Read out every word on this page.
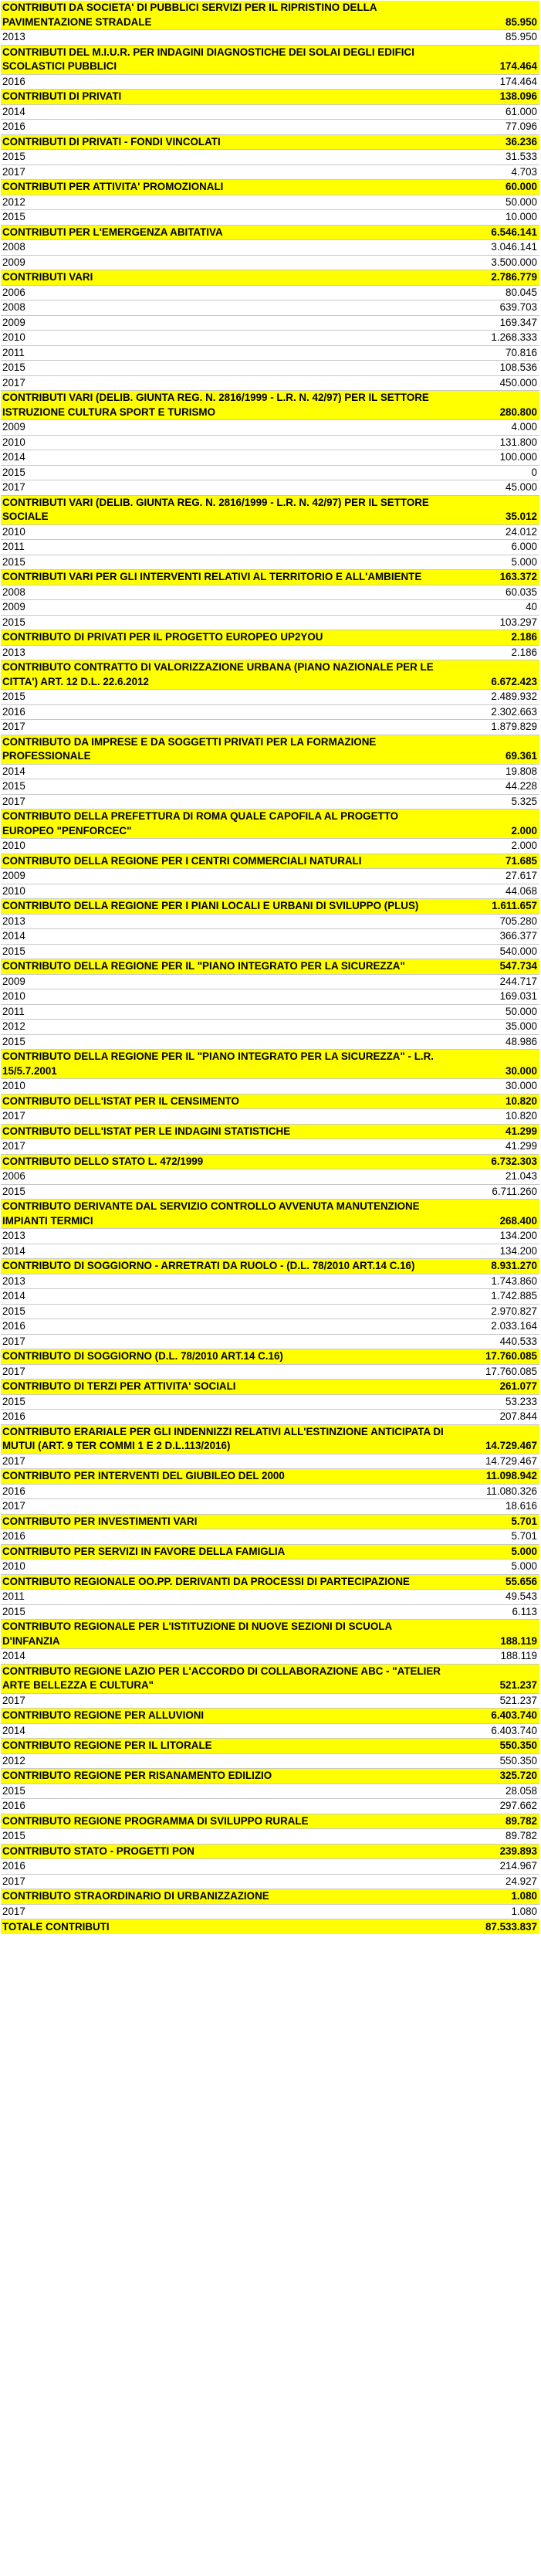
CONTRIBUTI DA SOCIETA' DI PUBBLICI SERVIZI PER IL RIPRISTINO DELLA PAVIMENTAZIONE STRADALE	85.950
2013	85.950
CONTRIBUTI DEL M.I.U.R. PER INDAGINI DIAGNOSTICHE DEI SOLAI DEGLI EDIFICI SCOLASTICI PUBBLICI	174.464
2016	174.464
CONTRIBUTI DI PRIVATI	138.096
2014	61.000
2016	77.096
CONTRIBUTI DI PRIVATI - FONDI VINCOLATI	36.236
2015	31.533
2017	4.703
CONTRIBUTI PER ATTIVITA' PROMOZIONALI	60.000
2012	50.000
2015	10.000
CONTRIBUTI PER L'EMERGENZA ABITATIVA	6.546.141
2008	3.046.141
2009	3.500.000
CONTRIBUTI VARI	2.786.779
2006	80.045
2008	639.703
2009	169.347
2010	1.268.333
2011	70.816
2015	108.536
2017	450.000
CONTRIBUTI VARI (DELIB. GIUNTA REG. N. 2816/1999 - L.R. N. 42/97) PER IL SETTORE ISTRUZIONE CULTURA SPORT E TURISMO	280.800
2009	4.000
2010	131.800
2014	100.000
2015	0
2017	45.000
CONTRIBUTI VARI (DELIB. GIUNTA REG. N. 2816/1999 - L.R. N. 42/97) PER IL SETTORE SOCIALE	35.012
2010	24.012
2011	6.000
2015	5.000
CONTRIBUTI VARI PER GLI INTERVENTI RELATIVI AL TERRITORIO E ALL'AMBIENTE	163.372
2008	60.035
2009	40
2015	103.297
CONTRIBUTO DI PRIVATI PER IL PROGETTO EUROPEO UP2YOU	2.186
2013	2.186
CONTRIBUTO CONTRATTO DI VALORIZZAZIONE URBANA (PIANO NAZIONALE PER LE CITTA') ART. 12 D.L. 22.6.2012	6.672.423
2015	2.489.932
2016	2.302.663
2017	1.879.829
CONTRIBUTO DA IMPRESE E DA SOGGETTI PRIVATI PER LA FORMAZIONE PROFESSIONALE	69.361
2014	19.808
2015	44.228
2017	5.325
CONTRIBUTO DELLA PREFETTURA DI ROMA QUALE CAPOFILA AL PROGETTO EUROPEO "PENFORCEC"	2.000
2010	2.000
CONTRIBUTO DELLA REGIONE PER I CENTRI COMMERCIALI NATURALI	71.685
2009	27.617
2010	44.068
CONTRIBUTO DELLA REGIONE PER I PIANI LOCALI E URBANI DI SVILUPPO (PLUS)	1.611.657
2013	705.280
2014	366.377
2015	540.000
CONTRIBUTO DELLA REGIONE PER IL "PIANO INTEGRATO PER LA SICUREZZA"	547.734
2009	244.717
2010	169.031
2011	50.000
2012	35.000
2015	48.986
CONTRIBUTO DELLA REGIONE PER IL "PIANO INTEGRATO PER LA SICUREZZA" - L.R. 15/5.7.2001	30.000
2010	30.000
CONTRIBUTO DELL'ISTAT PER IL CENSIMENTO	10.820
2017	10.820
CONTRIBUTO DELL'ISTAT PER LE INDAGINI STATISTICHE	41.299
2017	41.299
CONTRIBUTO DELLO STATO L. 472/1999	6.732.303
2006	21.043
2015	6.711.260
CONTRIBUTO DERIVANTE DAL SERVIZIO CONTROLLO AVVENUTA MANUTENZIONE IMPIANTI TERMICI	268.400
2013	134.200
2014	134.200
CONTRIBUTO DI SOGGIORNO - ARRETRATI DA RUOLO - (D.L. 78/2010 ART.14 C.16)	8.931.270
2013	1.743.860
2014	1.742.885
2015	2.970.827
2016	2.033.164
2017	440.533
CONTRIBUTO DI SOGGIORNO (D.L. 78/2010 ART.14 C.16)	17.760.085
2017	17.760.085
CONTRIBUTO DI TERZI PER ATTIVITA' SOCIALI	261.077
2015	53.233
2016	207.844
CONTRIBUTO ERARIALE PER GLI INDENNIZZI RELATIVI ALL'ESTINZIONE ANTICIPATA DI MUTUI (ART. 9 TER COMMI 1 E 2 D.L.113/2016)	14.729.467
2017	14.729.467
CONTRIBUTO PER INTERVENTI DEL GIUBILEO DEL 2000	11.098.942
2016	11.080.326
2017	18.616
CONTRIBUTO PER INVESTIMENTI VARI	5.701
2016	5.701
CONTRIBUTO PER SERVIZI IN FAVORE DELLA FAMIGLIA	5.000
2010	5.000
CONTRIBUTO REGIONALE OO.PP. DERIVANTI DA PROCESSI DI PARTECIPAZIONE	55.656
2011	49.543
2015	6.113
CONTRIBUTO REGIONALE PER L'ISTITUZIONE DI NUOVE SEZIONI DI SCUOLA D'INFANZIA	188.119
2014	188.119
CONTRIBUTO REGIONE LAZIO PER L'ACCORDO DI COLLABORAZIONE ABC - "ATELIER ARTE BELLEZZA E CULTURA"	521.237
2017	521.237
CONTRIBUTO REGIONE PER ALLUVIONI	6.403.740
2014	6.403.740
CONTRIBUTO REGIONE PER IL LITORALE	550.350
2012	550.350
CONTRIBUTO REGIONE PER RISANAMENTO EDILIZIO	325.720
2015	28.058
2016	297.662
CONTRIBUTO REGIONE PROGRAMMA DI SVILUPPO RURALE	89.782
2015	89.782
CONTRIBUTO STATO - PROGETTI PON	239.893
2016	214.967
2017	24.927
CONTRIBUTO STRAORDINARIO DI URBANIZZAZIONE	1.080
2017	1.080
TOTALE CONTRIBUTI	87.533.837
